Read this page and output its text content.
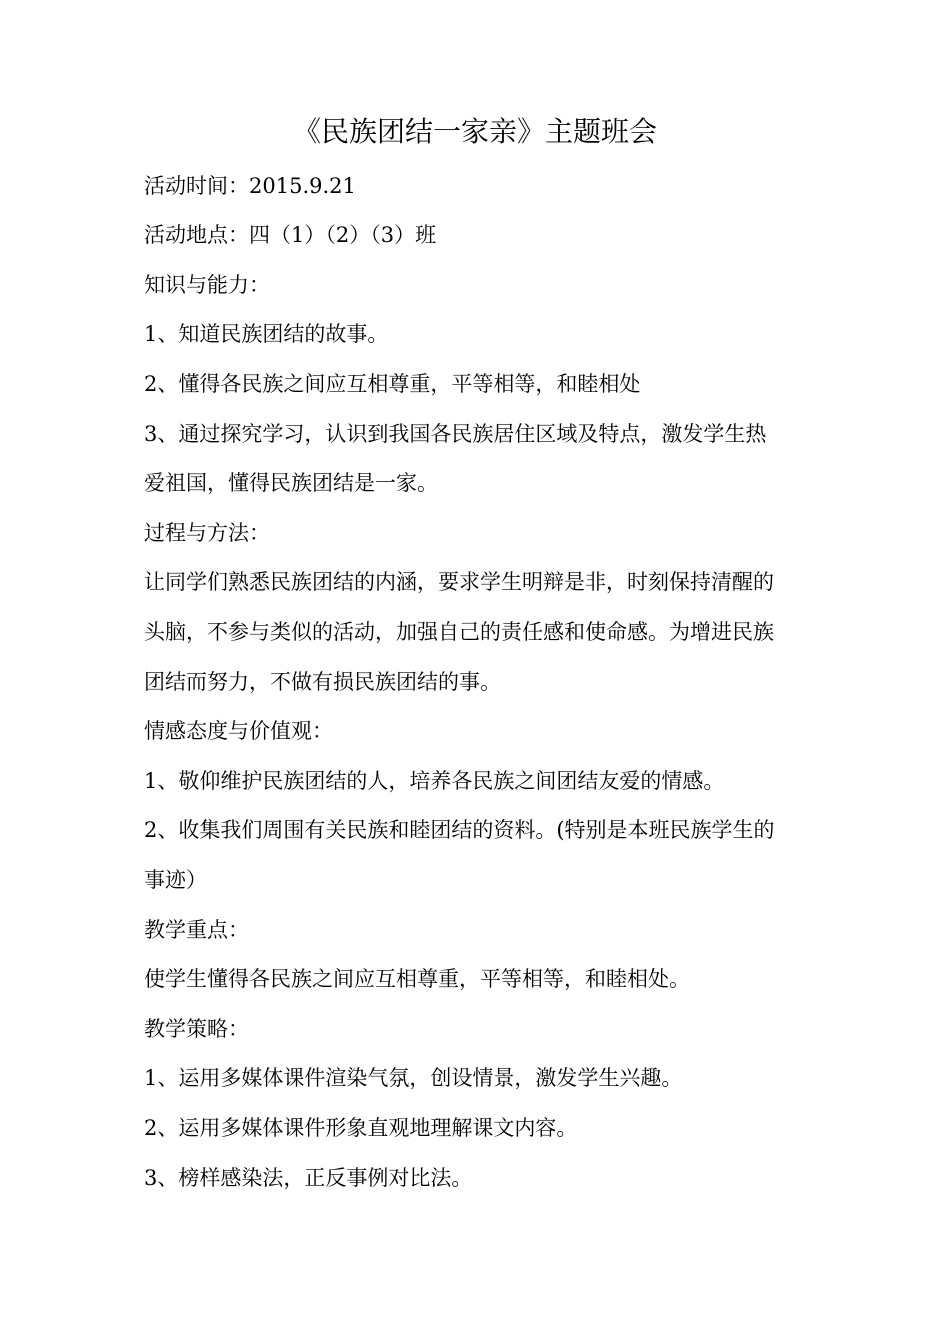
《民族团结一家亲》主题班会
活动时间：2015.9.21
活动地点：四（1）（2）（3）班
知识与能力：
1、知道民族团结的故事。
2、懂得各民族之间应互相尊重，平等相等，和睦相处
3、通过探究学习，认识到我国各民族居住区域及特点，激发学生热
爱祖国，懂得民族团结是一家。
过程与方法：
让同学们熟悉民族团结的内涵，要求学生明辩是非，时刻保持清醒的
头脑，不参与类似的活动，加强自己的责任感和使命感。为增进民族
团结而努力，不做有损民族团结的事。
情感态度与价值观：
1、敬仰维护民族团结的人，培养各民族之间团结友爱的情感。
2、收集我们周围有关民族和睦团结的资料。(特别是本班民族学生的
事迹）
教学重点：
使学生懂得各民族之间应互相尊重，平等相等，和睦相处。
教学策略：
1、运用多媒体课件渲染气氛，创设情景，激发学生兴趣。
2、运用多媒体课件形象直观地理解课文内容。
3、榜样感染法，正反事例对比法。
